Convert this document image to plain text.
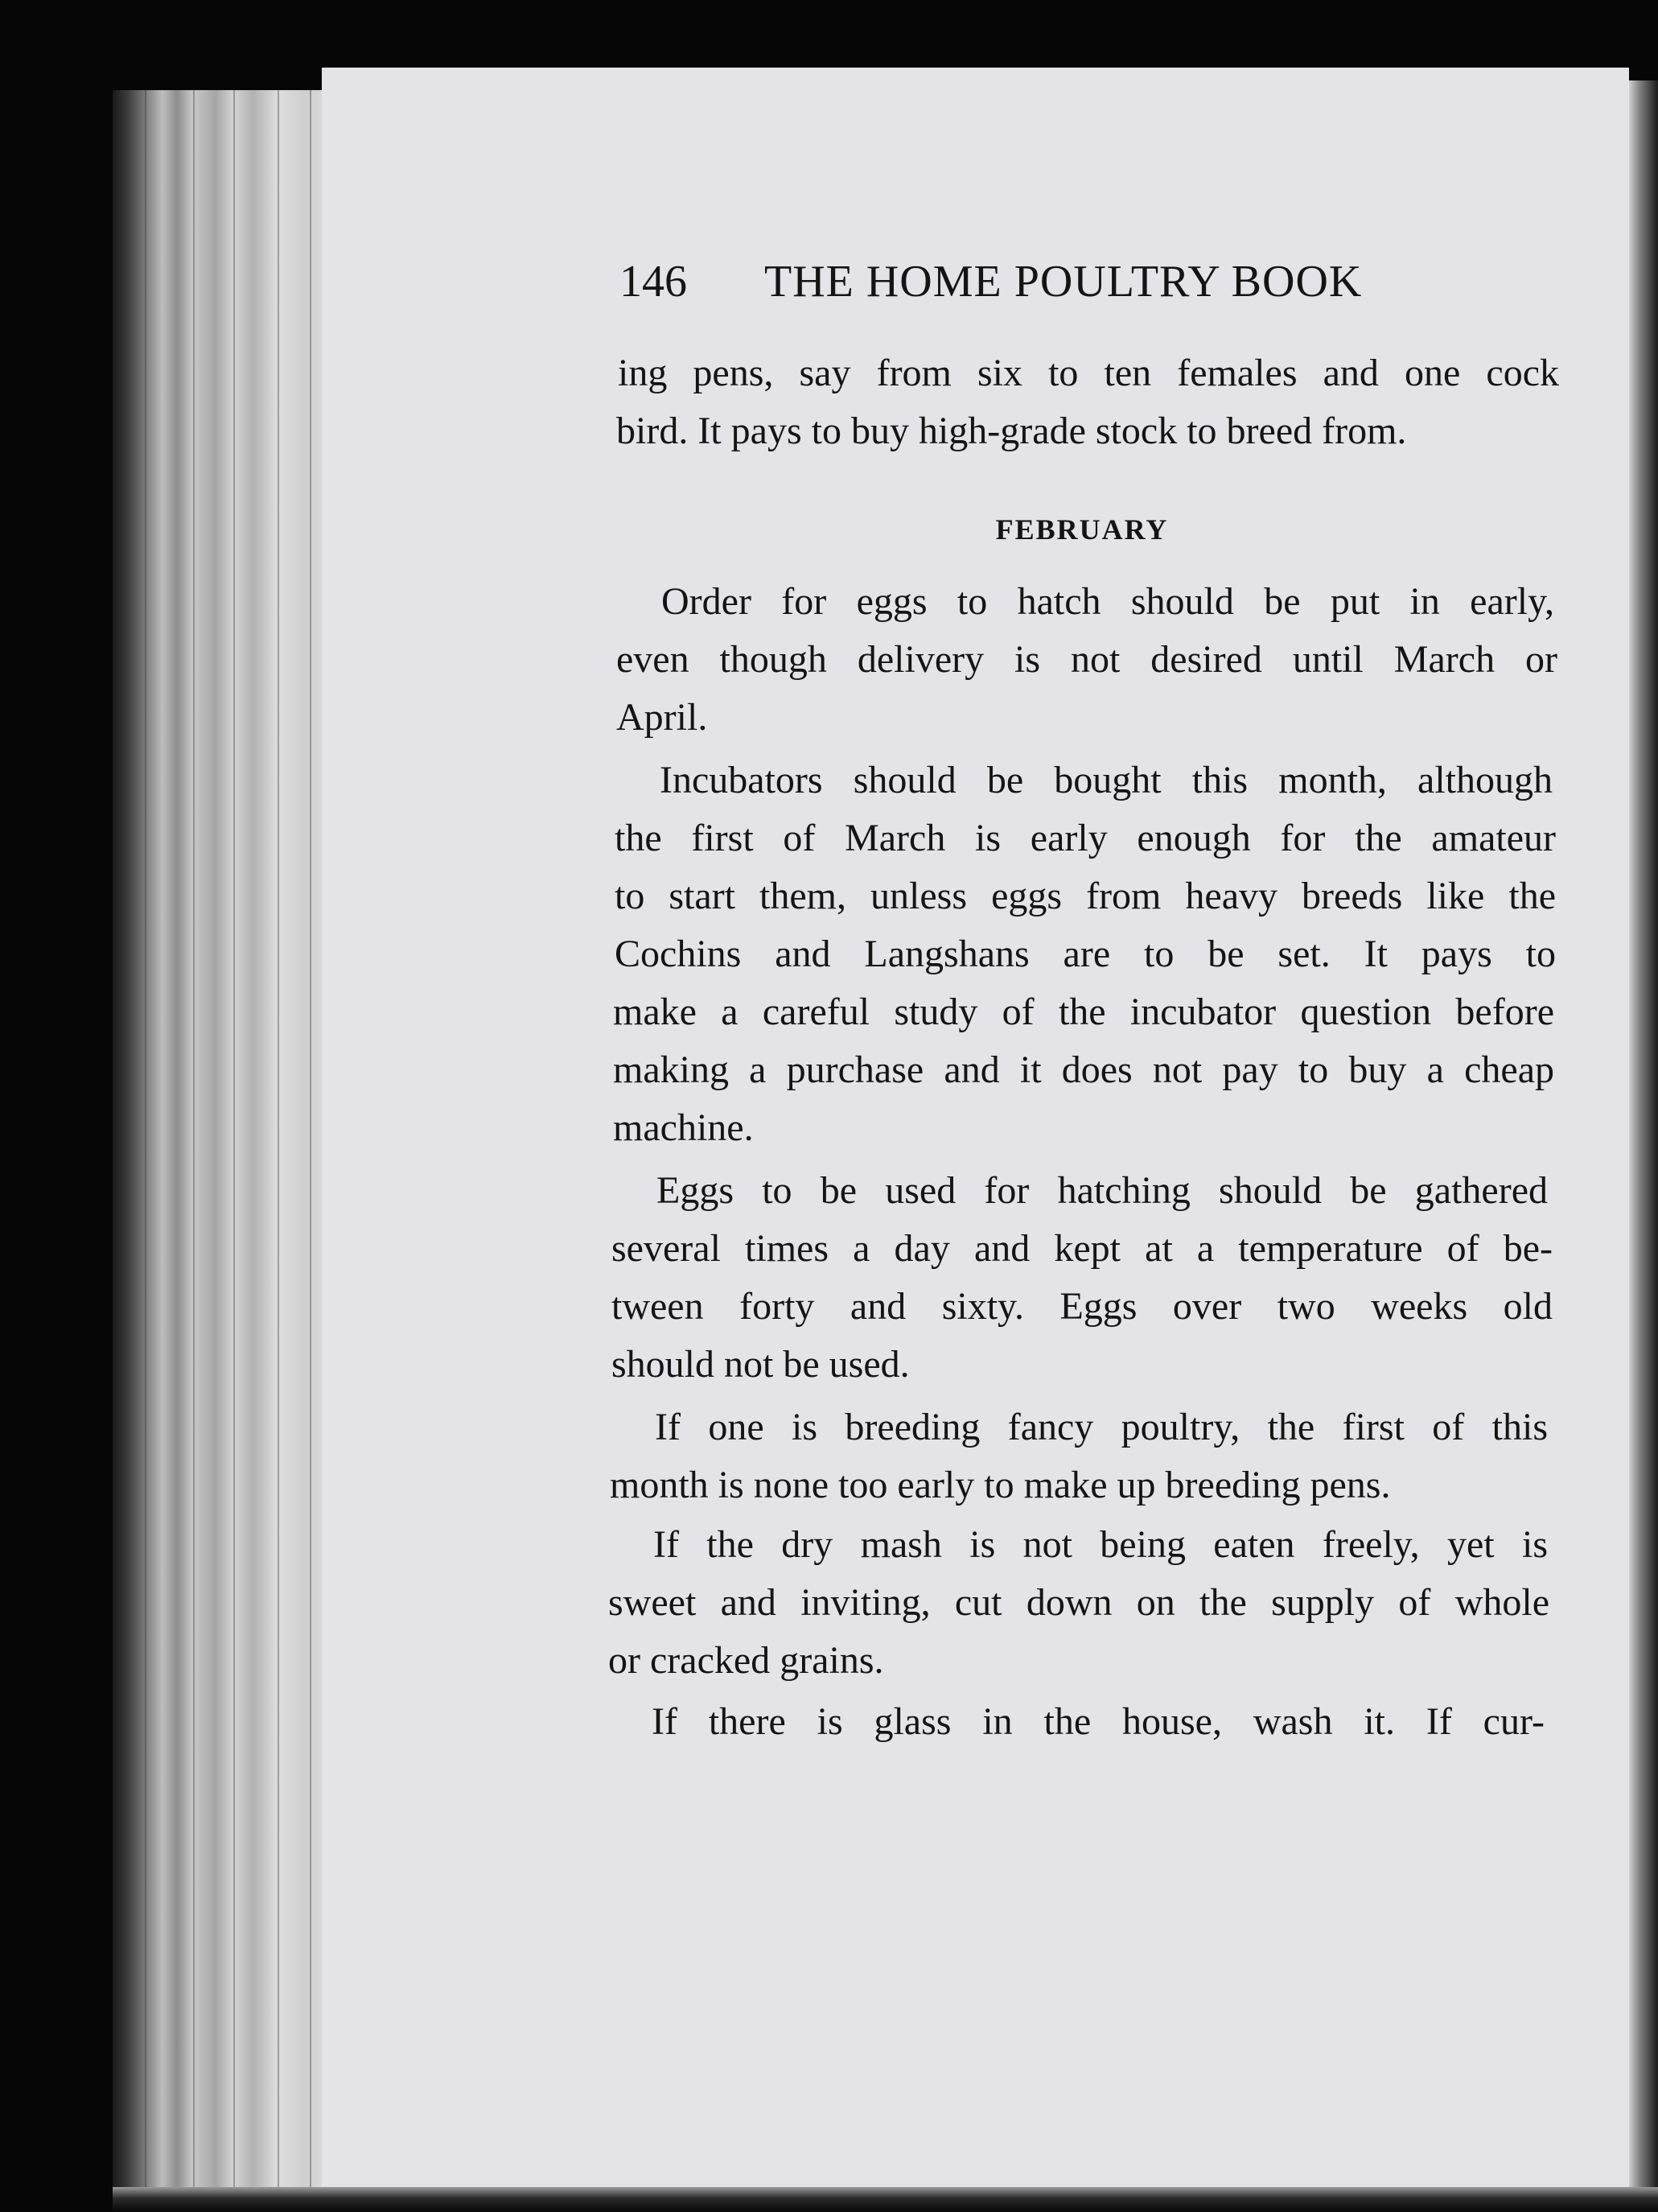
146 THE HOME POULTRY BOOK
ing pens, say from six to ten females and one cock
bird. It pays to buy high-grade stock to breed from.
FEBRUARY
Order for eggs to hatch should be put in early,
even though delivery is not desired until March or
April.
Incubators should be bought this month, although
the first of March is early enough for the amateur
to start them, unless eggs from heavy breeds like the
Cochins and Langshans are to be set. It pays to
make a careful study of the incubator question before
making a purchase and it does not pay to buy a cheap
machine.
Eggs to be used for hatching should be gathered
several times a day and kept at a temperature of be-
tween forty and sixty. Eggs over two weeks old
should not be used.
If one is breeding fancy poultry, the first of this
month is none too early to make up breeding pens.
If the dry mash is not being eaten freely, yet is
sweet and inviting, cut down on the supply of whole
or cracked grains.
If there is glass in the house, wash it. If cur-
